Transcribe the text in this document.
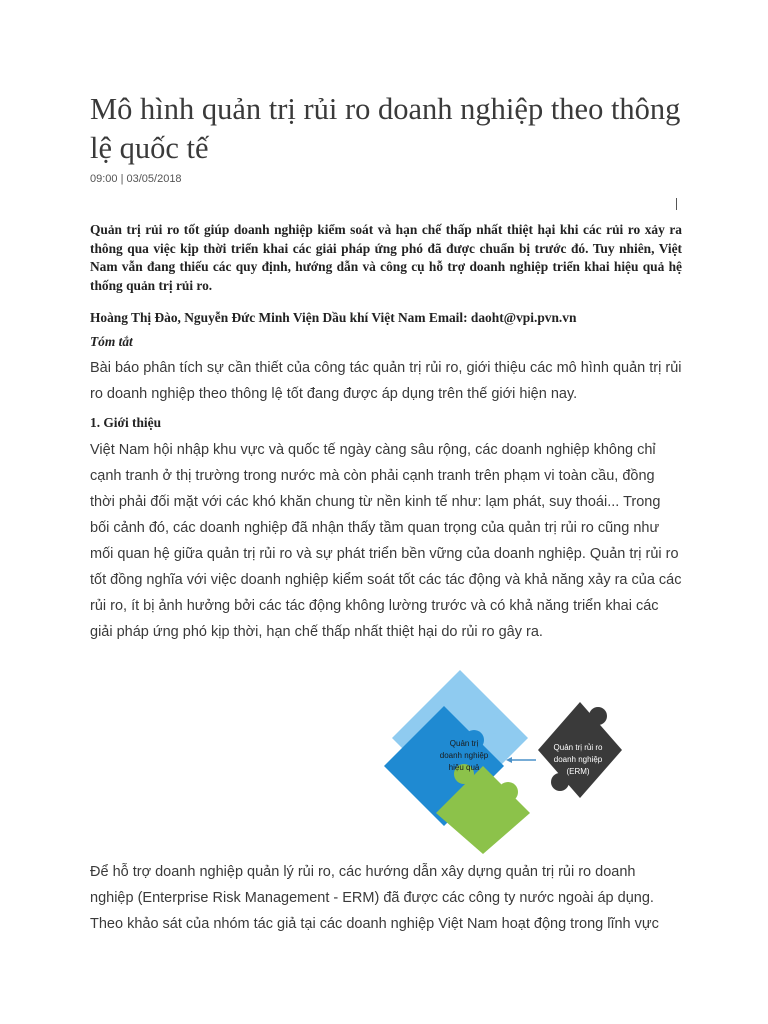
Mô hình quản trị rủi ro doanh nghiệp theo thông lệ quốc tế
09:00 | 03/05/2018

Quản trị rủi ro tốt giúp doanh nghiệp kiểm soát và hạn chế thấp nhất thiệt hại khi các rủi ro xảy ra thông qua việc kịp thời triển khai các giải pháp ứng phó đã được chuẩn bị trước đó. Tuy nhiên, Việt Nam vẫn đang thiếu các quy định, hướng dẫn và công cụ hỗ trợ doanh nghiệp triển khai hiệu quả hệ thống quản trị rủi ro.

Hoàng Thị Đào, Nguyễn Đức Minh Viện Dầu khí Việt Nam Email: daoht@vpi.pvn.vn

Tóm tắt

Bài báo phân tích sự cần thiết của công tác quản trị rủi ro, giới thiệu các mô hình quản trị rủi ro doanh nghiệp theo thông lệ tốt đang được áp dụng trên thế giới hiện nay.

1. Giới thiệu

Việt Nam hội nhập khu vực và quốc tế ngày càng sâu rộng, các doanh nghiệp không chỉ cạnh tranh ở thị trường trong nước mà còn phải cạnh tranh trên phạm vi toàn cầu, đồng thời phải đối mặt với các khó khăn chung từ nền kinh tế như: lạm phát, suy thoái... Trong bối cảnh đó, các doanh nghiệp đã nhận thấy tầm quan trọng của quản trị rủi ro cũng như mối quan hệ giữa quản trị rủi ro và sự phát triển bền vững của doanh nghiệp. Quản trị rủi ro tốt đồng nghĩa với việc doanh nghiệp kiểm soát tốt các tác động và khả năng xảy ra của các rủi ro, ít bị ảnh hưởng bởi các tác động không lường trước và có khả năng triển khai các giải pháp ứng phó kịp thời, hạn chế thấp nhất thiệt hại do rủi ro gây ra.

Quản trị
doanh nghiệp
hiệu quả
Quản trị rủi ro
doanh nghiệp
(ERM)

Để hỗ trợ doanh nghiệp quản lý rủi ro, các hướng dẫn xây dựng quản trị rủi ro doanh nghiệp (Enterprise Risk Management - ERM) đã được các công ty nước ngoài áp dụng. Theo khảo sát của nhóm tác giả tại các doanh nghiệp Việt Nam hoạt động trong lĩnh vực
